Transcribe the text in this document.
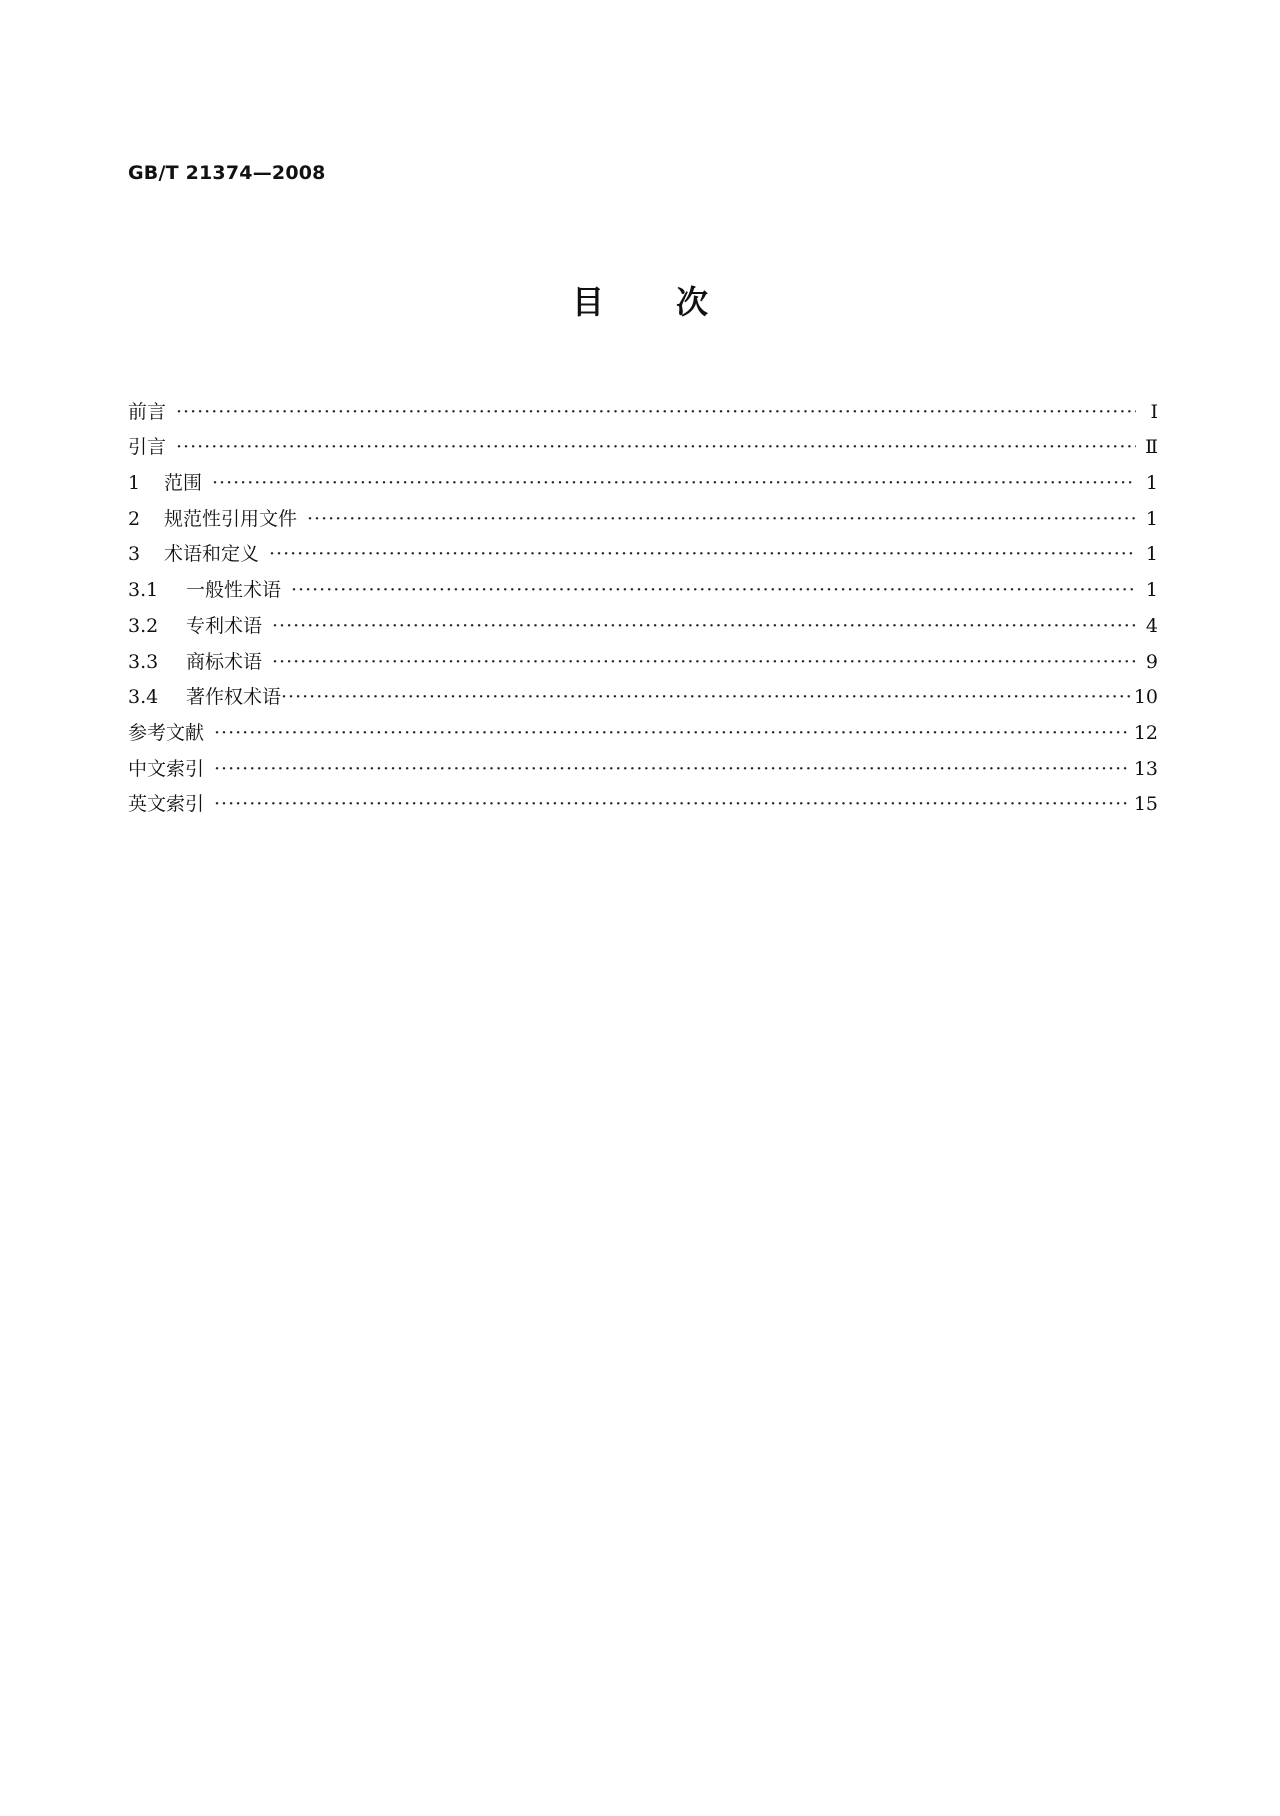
GB/T 21374—2008
目次
前言 ·····	Ⅰ
引言 ·····	Ⅱ
1	范围 ·····	1
2	规范性引用文件 ·····	1
3	术语和定义 ·····	1
3.1	一般性术语 ·····	1
3.2	专利术语 ·····	4
3.3	商标术语 ·····	9
3.4	著作权术语 ·····	10
参考文献 ·····	12
中文索引 ·····	13
英文索引 ·····	15
